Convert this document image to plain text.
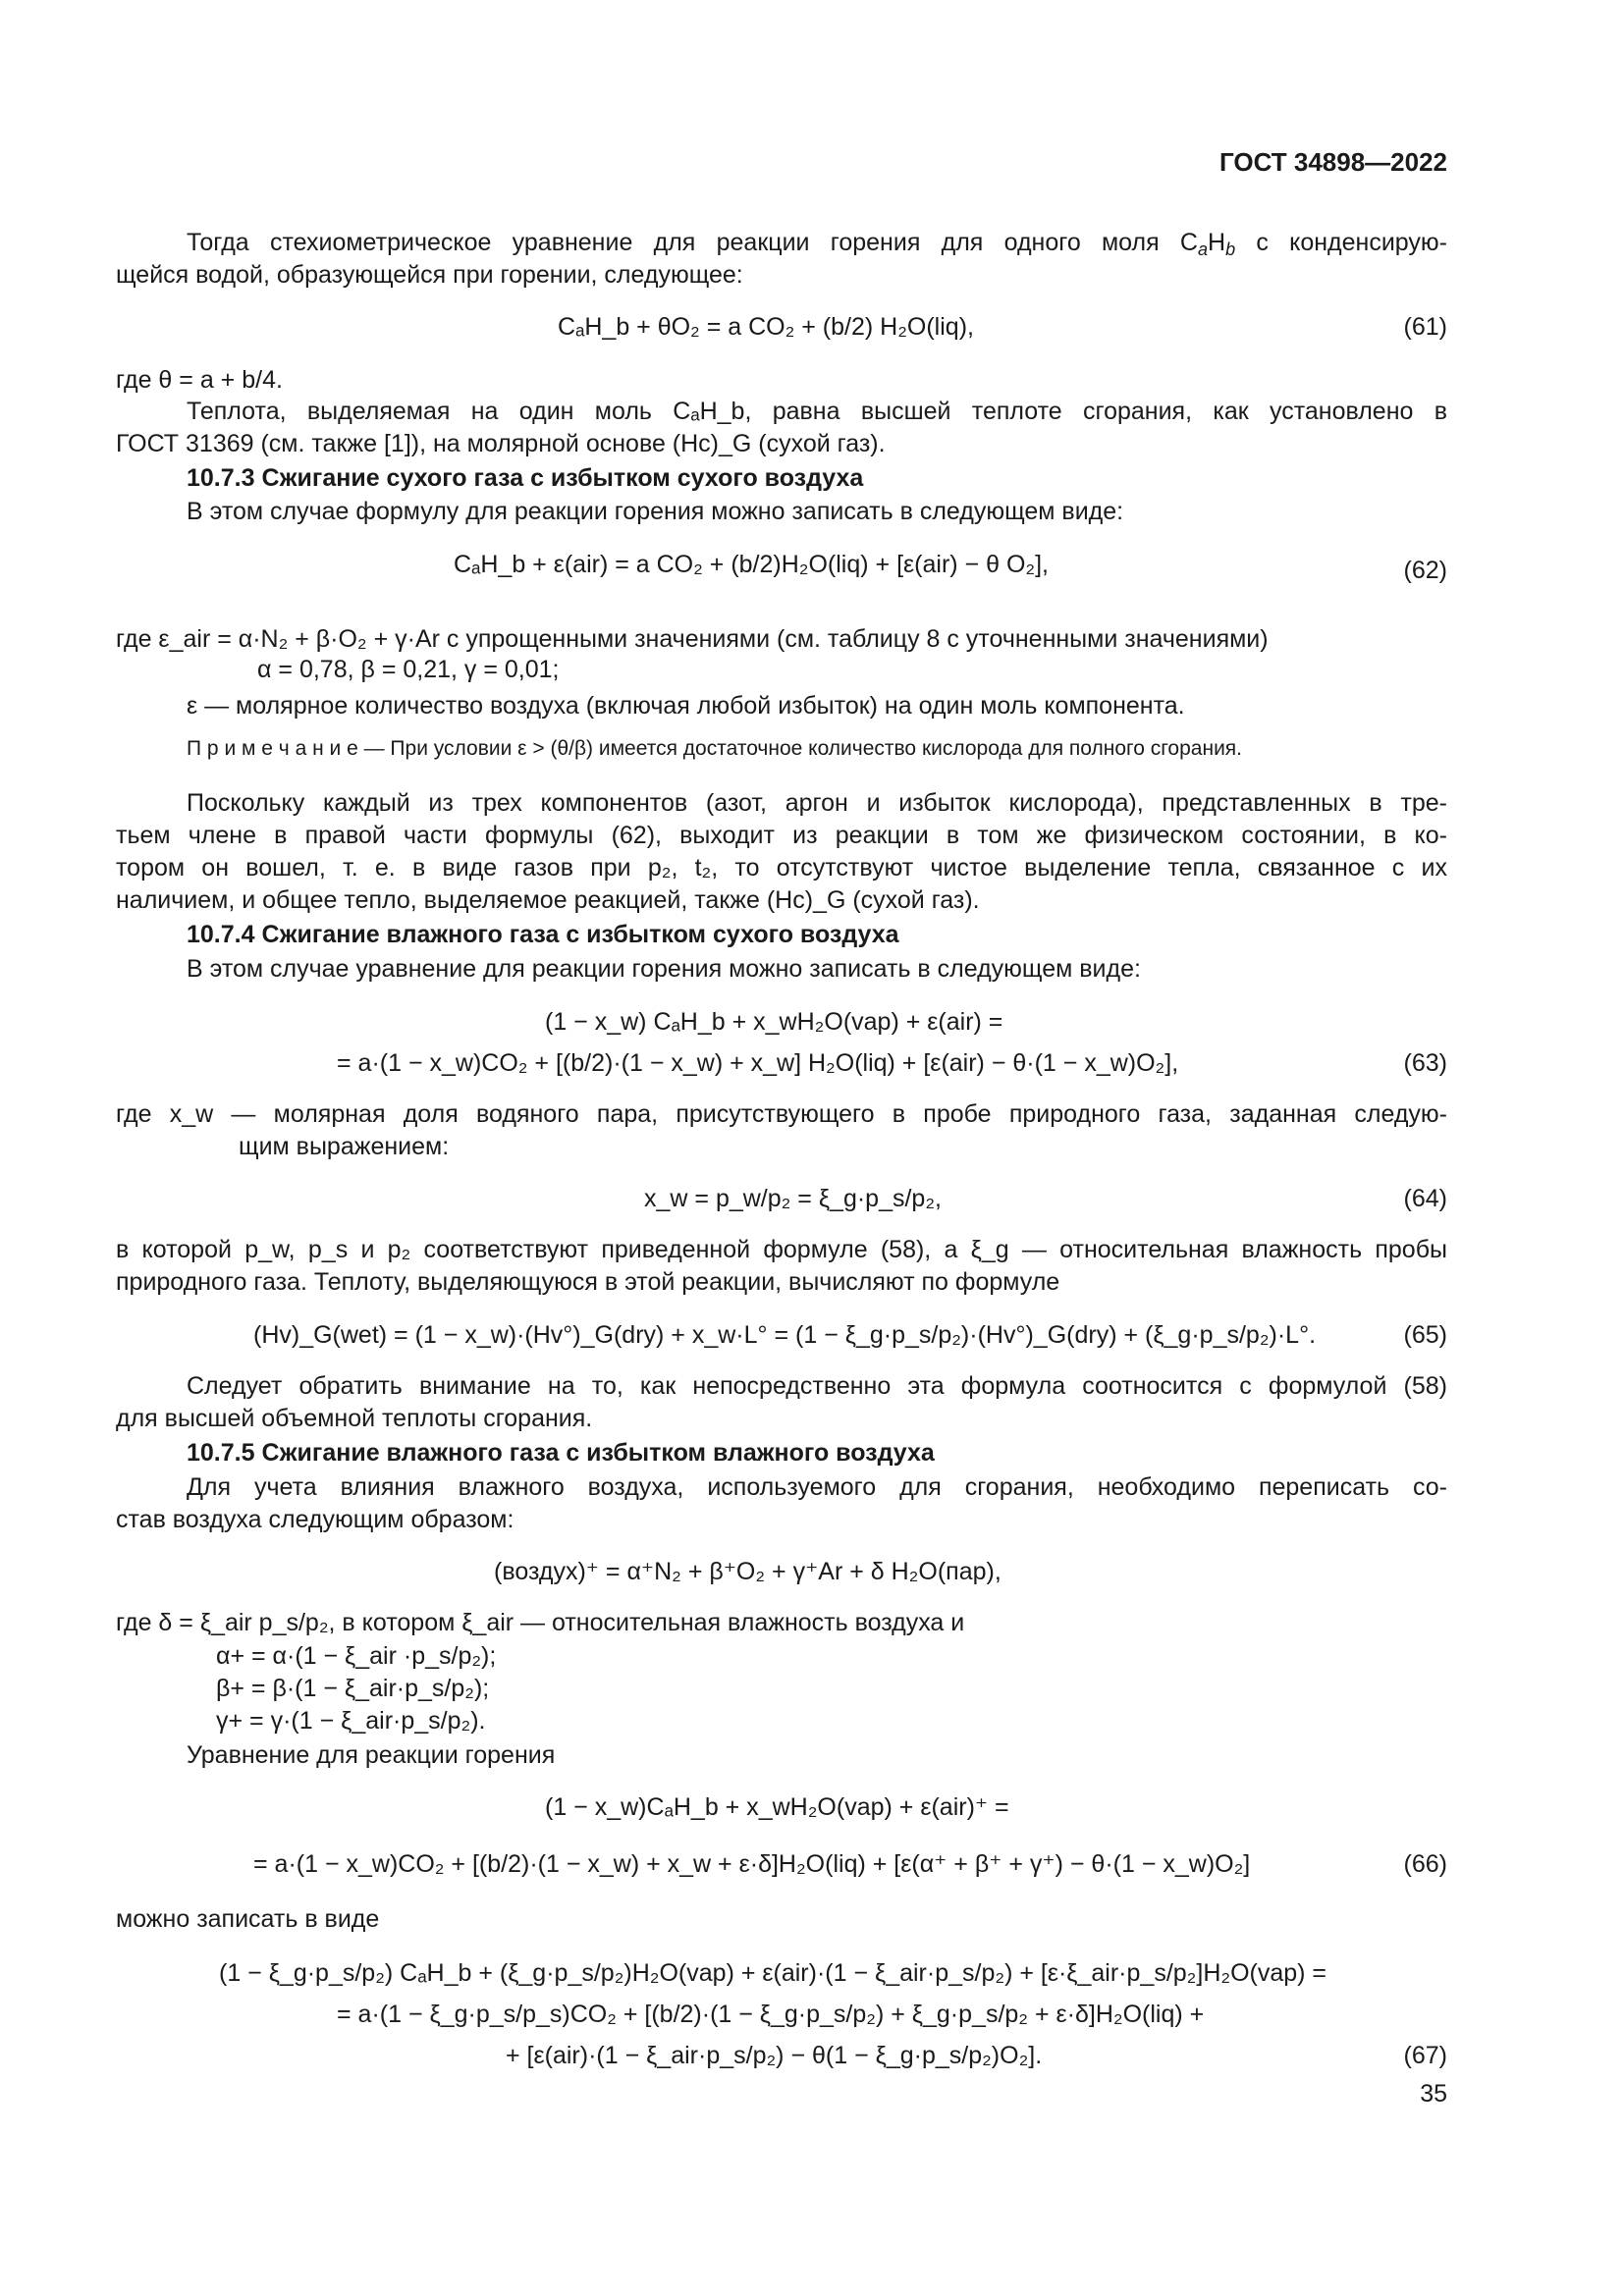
ГОСТ 34898—2022
Тогда стехиометрическое уравнение для реакции горения для одного моля $C_aH_b$ с конденсирую-
щейся водой, образующейся при горении, следующее:
CₐH_b + θO₂ = a CO₂ + (b/2) H₂O(liq),	(61)
где θ = a + b/4.
Теплота, выделяемая на один моль CₐH_b, равна высшей теплоте сгорания, как установлено в
ГОСТ 31369 (см. также [1]), на молярной основе (Hc)_G (сухой газ).
10.7.3 Сжигание сухого газа с избытком сухого воздуха
В этом случае формулу для реакции горения можно записать в следующем виде:
CₐH_b + ε(air) = a CO₂ + (b/2)H₂O(liq) + [ε(air) − θ O₂],	(62)
где ε_air = α·N₂ + β·O₂ + γ·Ar с упрощенными значениями (см. таблицу 8 с уточненными значениями)
α = 0,78, β = 0,21, γ = 0,01;
ε — молярное количество воздуха (включая любой избыток) на один моль компонента.
П р и м е ч а н и е — При условии ε > (θ/β) имеется достаточное количество кислорода для полного сгорания.
Поскольку каждый из трех компонентов (азот, аргон и избыток кислорода), представленных в тре-
тьем члене в правой части формулы (62), выходит из реакции в том же физическом состоянии, в ко-
тором он вошел, т. е. в виде газов при p₂, t₂, то отсутствуют чистое выделение тепла, связанное с их
наличием, и общее тепло, выделяемое реакцией, также (Hc)_G (сухой газ).
10.7.4 Сжигание влажного газа с избытком сухого воздуха
В этом случае уравнение для реакции горения можно записать в следующем виде:
(1 − x_w) CₐH_b + x_wH₂O(vap) + ε(air) =
= a·(1 − x_w)CO₂ + [(b/2)·(1 − x_w) + x_w] H₂O(liq) + [ε(air) − θ·(1 − x_w)O₂],	(63)
где x_w — молярная доля водяного пара, присутствующего в пробе природного газа, заданная следую-
щим выражением:
x_w = p_w/p₂ = ξ_g·p_s/p₂,	(64)
в которой p_w, p_s и p₂ соответствуют приведенной формуле (58), а ξ_g — относительная влажность пробы
природного газа. Теплоту, выделяющуюся в этой реакции, вычисляют по формуле
(Hv)_G(wet) = (1 − x_w)·(Hv°)_G(dry) + x_w·L° = (1 − ξ_g·p_s/p₂)·(Hv°)_G(dry) + (ξ_g·p_s/p₂)·L°.	(65)
Следует обратить внимание на то, как непосредственно эта формула соотносится с формулой (58)
для высшей объемной теплоты сгорания.
10.7.5 Сжигание влажного газа с избытком влажного воздуха
Для учета влияния влажного воздуха, используемого для сгорания, необходимо переписать со-
став воздуха следующим образом:
(воздух)⁺ = α⁺N₂ + β⁺O₂ + γ⁺Ar + δ H₂O(пар),
где δ = ξ_air p_s/p₂, в котором ξ_air — относительная влажность воздуха и
α+ = α·(1 − ξ_air ·p_s/p₂);
β+ = β·(1 − ξ_air·p_s/p₂);
γ+ = γ·(1 − ξ_air·p_s/p₂).
Уравнение для реакции горения
(1 − x_w)CₐH_b + x_wH₂O(vap) + ε(air)⁺ =
= a·(1 − x_w)CO₂ + [(b/2)·(1 − x_w) + x_w + ε·δ]H₂O(liq) + [ε(α⁺ + β⁺ + γ⁺) − θ·(1 − x_w)O₂]	(66)
можно записать в виде
(1 − ξ_g·p_s/p₂) CₐH_b + (ξ_g·p_s/p₂)H₂O(vap) + ε(air)·(1 − ξ_air·p_s/p₂) + [ε·ξ_air·p_s/p₂]H₂O(vap) =
= a·(1 − ξ_g·p_s/p_s)CO₂ + [(b/2)·(1 − ξ_g·p_s/p₂) + ξ_g·p_s/p₂ + ε·δ]H₂O(liq) +
+ [ε(air)·(1 − ξ_air·p_s/p₂) − θ(1 − ξ_g·p_s/p₂)O₂].	(67)
35
